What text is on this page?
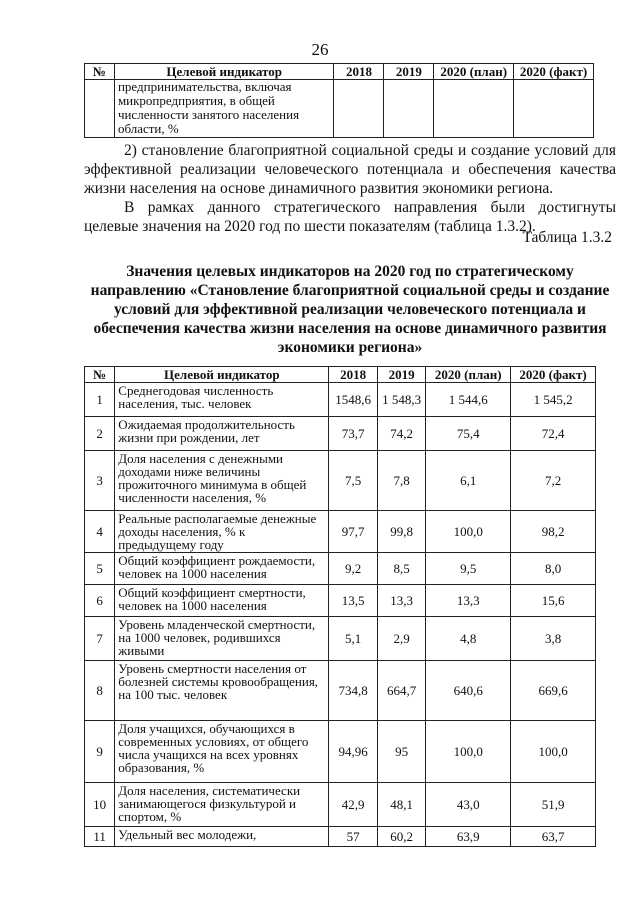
26
№	Целевой индикатор	2018	2019	2020 (план)	2020 (факт)
	предпринимательства, включая микропредприятия, в общей численности занятого населения области, %				

2) становление благоприятной социальной среды и создание условий для эффективной реализации человеческого потенциала и обеспечения качества жизни населения на основе динамичного развития экономики региона.

В рамках данного стратегического направления были достигнуты целевые значения на 2020 год по шести показателям (таблица 1.3.2).

Таблица 1.3.2

Значения целевых индикаторов на 2020 год по стратегическому направлению «Становление благоприятной социальной среды и создание условий для эффективной реализации человеческого потенциала и обеспечения качества жизни населения на основе динамичного развития экономики региона»

№	Целевой индикатор	2018	2019	2020 (план)	2020 (факт)
1	Среднегодовая численность населения, тыс. человек	1548,6	1 548,3	1 544,6	1 545,2
2	Ожидаемая продолжительность жизни при рождении, лет	73,7	74,2	75,4	72,4
3	Доля населения с денежными доходами ниже величины прожиточного минимума в общей численности населения, %	7,5	7,8	6,1	7,2
4	Реальные располагаемые денежные доходы населения, % к предыдущему году	97,7	99,8	100,0	98,2
5	Общий коэффициент рождаемости, человек на 1000 населения	9,2	8,5	9,5	8,0
6	Общий коэффициент смертности, человек на 1000 населения	13,5	13,3	13,3	15,6
7	Уровень младенческой смертности, на 1000 человек, родившихся живыми	5,1	2,9	4,8	3,8
8	Уровень смертности населения от болезней системы кровообращения, на 100 тыс. человек	734,8	664,7	640,6	669,6
9	Доля учащихся, обучающихся в современных условиях, от общего числа учащихся на всех уровнях образования, %	94,96	95	100,0	100,0
10	Доля населения, систематически занимающегося физкультурой и спортом, %	42,9	48,1	43,0	51,9
11	Удельный вес молодежи,	57	60,2	63,9	63,7
